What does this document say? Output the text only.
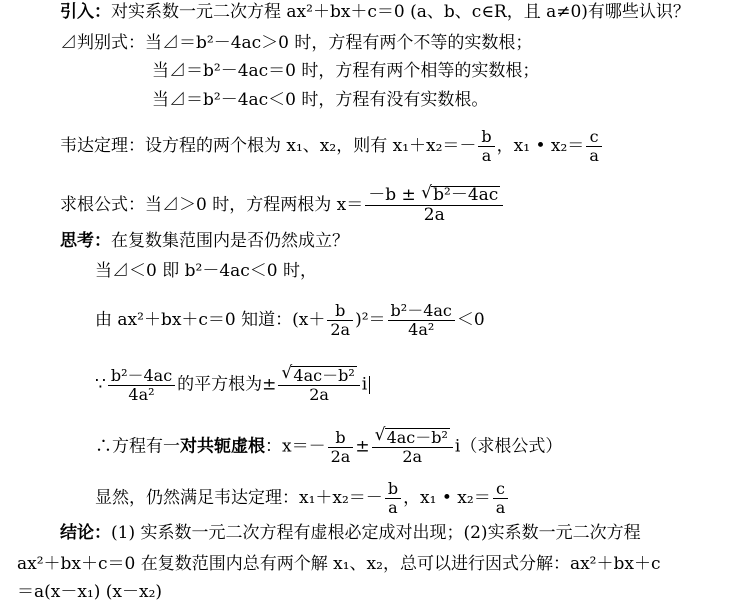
引入：对实系数一元二次方程 ax²＋bx＋c＝0 (a、b、c∈R，且 a≠0)有哪些认识？
⊿判别式：当⊿＝b²－4ac＞0 时，方程有两个不等的实数根；
当⊿＝b²－4ac＝0 时，方程有两个相等的实数根；
当⊿＝b²－4ac＜0 时，方程有没有实数根。
韦达定理：设方程的两个根为 x₁、x₂，则有 $x_1+x_2=- \frac{b}{a}$ ，x₁ • $x_2= \frac{c}{a}$
求根公式：当⊿＞0 时，方程两根为 $x= \frac{\text{－b ± √ b²－4ac}}{2a}$
思考：在复数集范围内是否仍然成立？
当⊿＜0 即 b²－4ac＜0 时，
由 ax²＋bx＋c＝0 知道：$(x+ \frac{b}{2a} )^2= \frac{\text{b²－4ac}}{\text{4a²}} <0$
∵ $\frac{\text{b²－4ac}}{\text{4a²}}$ 的平方根为± √ $\frac{\text{4ac－b²}}{2a}$ i
∴方程有一对共轭虚根：$x=- \frac{b}{2a}$ ± √ $\frac{\text{4ac－b²}}{2a} i$（求根公式）
显然，仍然满足韦达定理：$x_1+x_2=- \frac{b}{a}$ ，x₁ • $x_2= \frac{c}{a}$
结论：(1) 实系数一元二次方程有虚根必定成对出现；(2)实系数一元二次方程
ax²＋bx＋c＝0 在复数范围内总有两个解 x₁、x₂，总可以进行因式分解：ax²＋bx＋c
＝a(x－x₁) (x－x₂)
